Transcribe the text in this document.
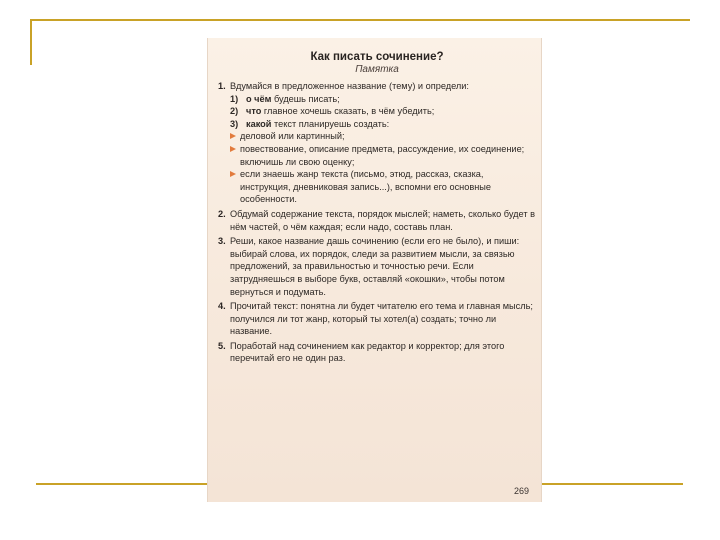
Как писать сочинение?
Памятка
1. Вдумайся в предложенное название (тему) и определи:
1) о чём будешь писать;
2) что главное хочешь сказать, в чём убедить;
3) какой текст планируешь создать:
деловой или картинный;
повествование, описание предмета, рассуждение, их соединение; включишь ли свою оценку;
если знаешь жанр текста (письмо, этюд, рассказ, сказка, инструкция, дневниковая запись...), вспомни его основные особенности.
2. Обдумай содержание текста, порядок мыслей; наметь, сколько будет в нём частей, о чём каждая; если надо, составь план.
3. Реши, какое название дашь сочинению (если его не было), и пиши: выбирай слова, их порядок, следи за развитием мысли, за связью предложений, за правильностью и точностью речи. Если затрудняешься в выборе букв, оставляй «окошки», чтобы потом вернуться и подумать.
4. Прочитай текст: понятна ли будет читателю его тема и главная мысль; получился ли тот жанр, который ты хотел(а) создать; точно ли название.
5. Поработай над сочинением как редактор и корректор; для этого перечитай его не один раз.
269
